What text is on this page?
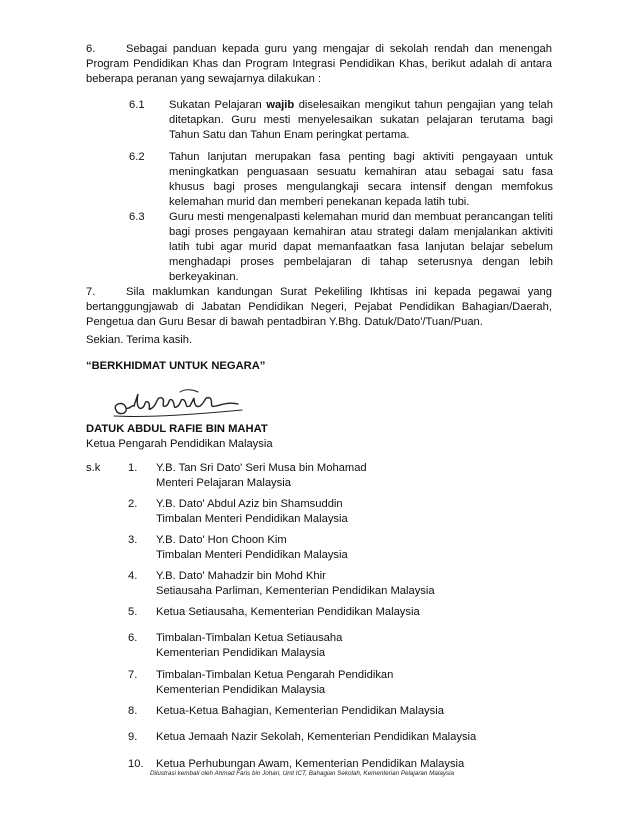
6.	Sebagai panduan kepada guru yang mengajar di sekolah rendah dan menengah Program Pendidikan Khas dan Program Integrasi Pendidikan Khas, berikut adalah di antara beberapa peranan yang sewajarnya dilakukan :
6.1	Sukatan Pelajaran wajib diselesaikan mengikut tahun pengajian yang telah ditetapkan. Guru mesti menyelesaikan sukatan pelajaran terutama bagi Tahun Satu dan Tahun Enam peringkat pertama.
6.2	Tahun lanjutan merupakan fasa penting bagi aktiviti pengayaan untuk meningkatkan penguasaan sesuatu kemahiran atau sebagai satu fasa khusus bagi proses mengulangkaji secara intensif dengan memfokus kelemahan murid dan memberi penekanan kepada latih tubi.
6.3	Guru mesti mengenalpasti kelemahan murid dan membuat perancangan teliti bagi proses pengayaan kemahiran atau strategi dalam menjalankan aktiviti latih tubi agar murid dapat memanfaatkan fasa lanjutan belajar sebelum menghadapi proses pembelajaran di tahap seterusnya dengan lebih berkeyakinan.
7.	Sila maklumkan kandungan Surat Pekeliling Ikhtisas ini kepada pegawai yang bertanggungjawab di Jabatan Pendidikan Negeri, Pejabat Pendidikan Bahagian/Daerah, Pengetua dan Guru Besar di bawah pentadbiran Y.Bhg. Datuk/Dato'/Tuan/Puan.
Sekian. Terima kasih.
“BERKHIDMAT UNTUK NEGARA”
DATUK ABDUL RAFIE BIN MAHAT
Ketua Pengarah Pendidikan Malaysia
s.k 1.	Y.B. Tan Sri Dato' Seri Musa bin Mohamad
Menteri Pelajaran Malaysia
2.	Y.B. Dato' Abdul Aziz bin Shamsuddin
Timbalan Menteri Pendidikan Malaysia
3.	Y.B. Dato' Hon Choon Kim
Timbalan Menteri Pendidikan Malaysia
4.	Y.B. Dato' Mahadzir bin Mohd Khir
Setiausaha Parliman, Kementerian Pendidikan Malaysia
5.	Ketua Setiausaha, Kementerian Pendidikan Malaysia
6.	Timbalan-Timbalan Ketua Setiausaha
Kementerian Pendidikan Malaysia
7.	Timbalan-Timbalan Ketua Pengarah Pendidikan
Kementerian Pendidikan Malaysia
8.	Ketua-Ketua Bahagian, Kementerian Pendidikan Malaysia
9.	Ketua Jemaah Nazir Sekolah, Kementerian Pendidikan Malaysia
10.	Ketua Perhubungan Awam, Kementerian Pendidikan Malaysia
Dilustrasi kembali oleh Ahmad Faris bin Johari, Unit ICT, Bahagian Sekolah, Kementerian Pelajaran Malaysia
